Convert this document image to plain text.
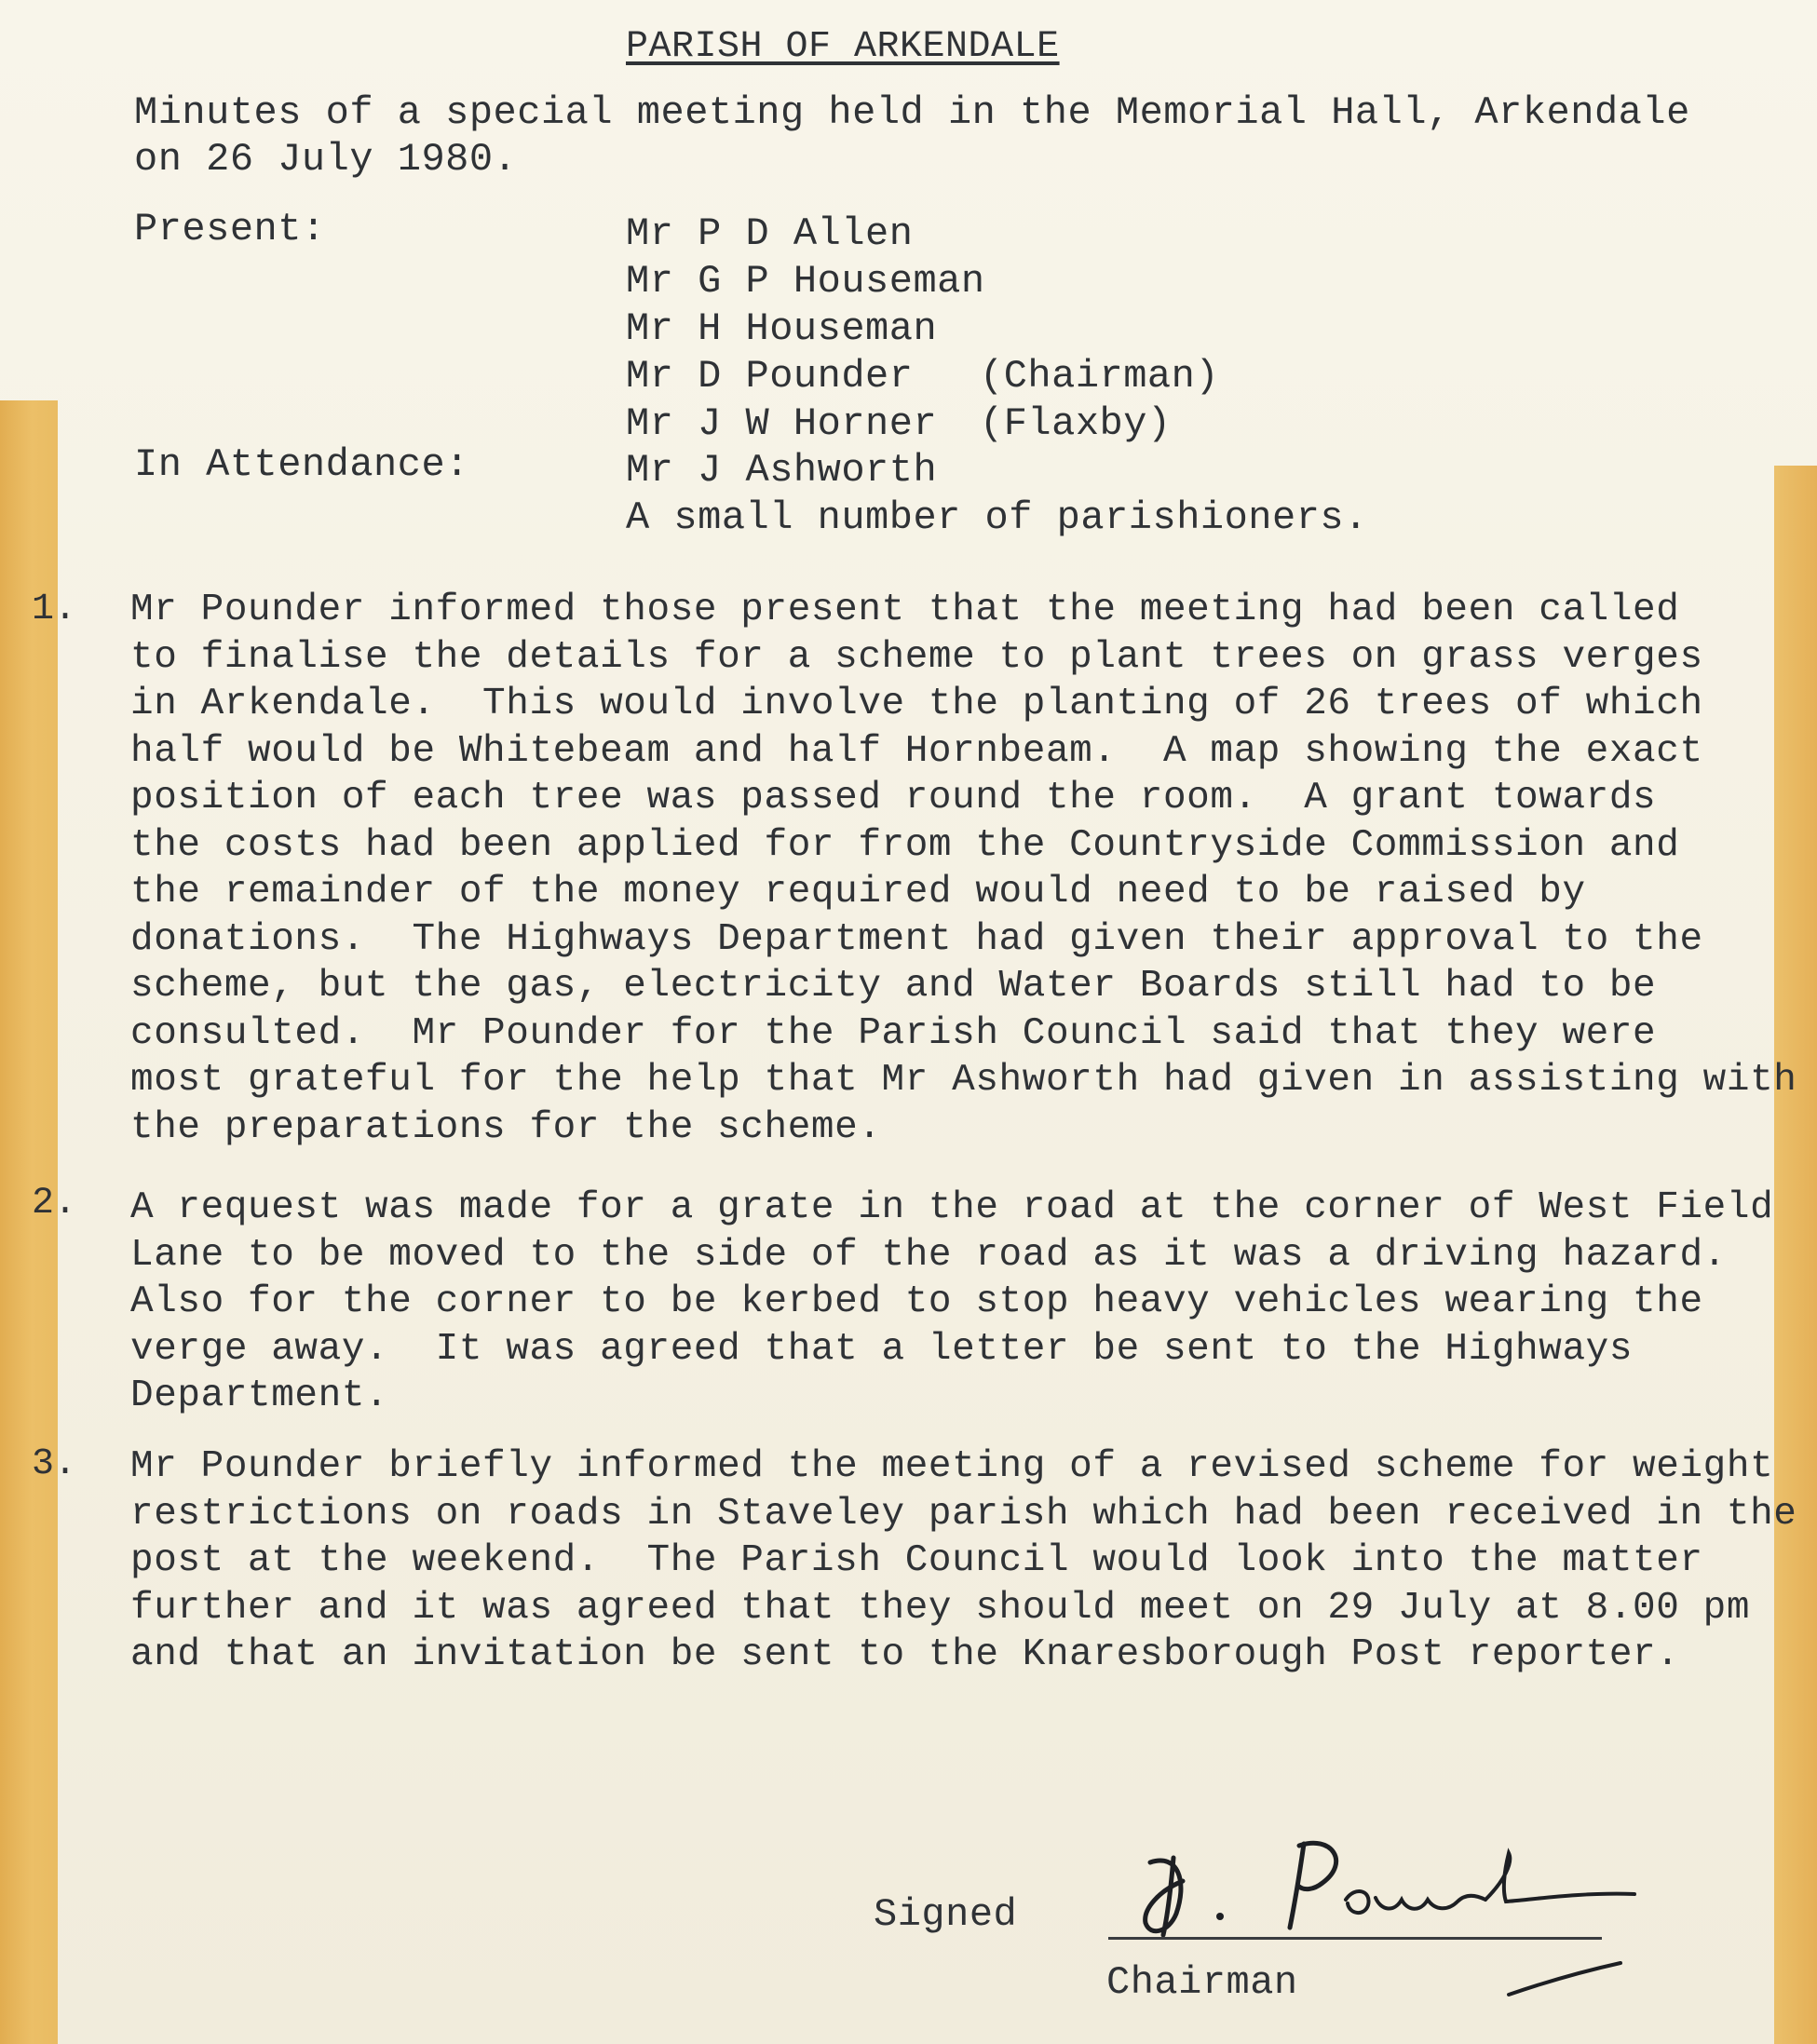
PARISH OF ARKENDALE
Minutes of a special meeting held in the Memorial Hall, Arkendale
on 26 July 1980.
Present:	Mr P D Allen
Mr G P Houseman
Mr H Houseman
Mr D Pounder (Chairman)
Mr J W Horner (Flaxby)
In Attendance:	Mr J Ashworth
A small number of parishioners.
1. Mr Pounder informed those present that the meeting had been called
to finalise the details for a scheme to plant trees on grass verges
in Arkendale.  This would involve the planting of 26 trees of which
half would be Whitebeam and half Hornbeam.  A map showing the exact
position of each tree was passed round the room.  A grant towards
the costs had been applied for from the Countryside Commission and
the remainder of the money required would need to be raised by
donations.  The Highways Department had given their approval to the
scheme, but the gas, electricity and Water Boards still had to be
consulted.  Mr Pounder for the Parish Council said that they were
most grateful for the help that Mr Ashworth had given in assisting with
the preparations for the scheme.
2. A request was made for a grate in the road at the corner of West Field
Lane to be moved to the side of the road as it was a driving hazard.
Also for the corner to be kerbed to stop heavy vehicles wearing the
verge away.  It was agreed that a letter be sent to the Highways
Department.
3. Mr Pounder briefly informed the meeting of a revised scheme for weight
restrictions on roads in Staveley parish which had been received in the
post at the weekend.  The Parish Council would look into the matter
further and it was agreed that they should meet on 29 July at 8.00 pm
and that an invitation be sent to the Knaresborough Post reporter.
Signed
Chairman
